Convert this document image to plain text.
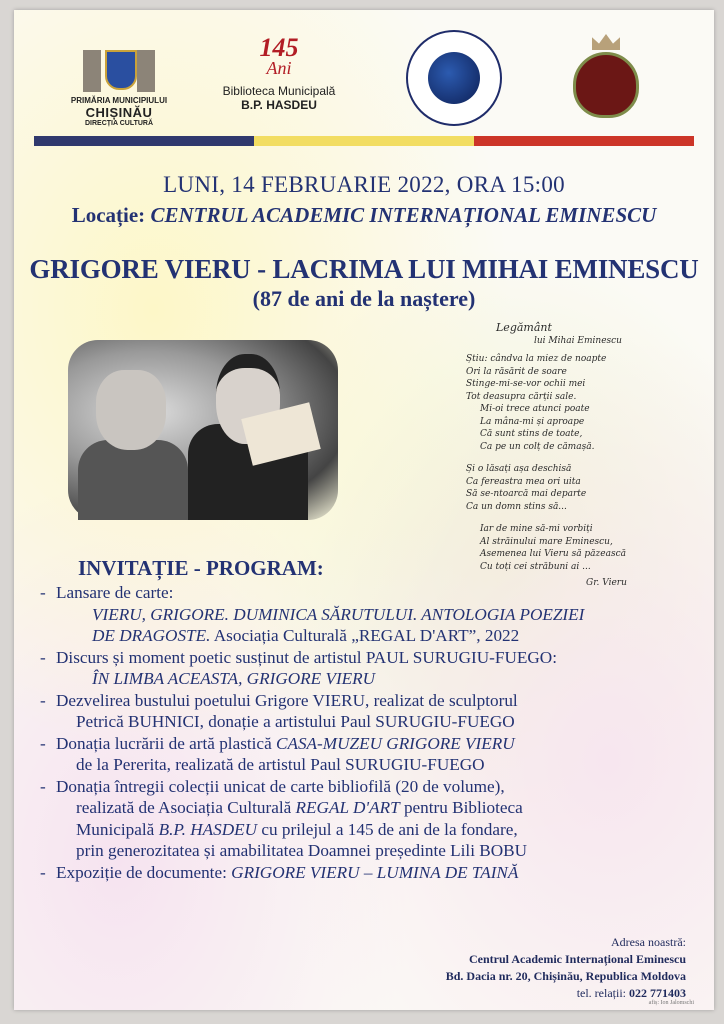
PRIMĂRIA MUNICIPIULUI
CHIȘINĂU
DIRECȚIA CULTURĂ
145
Ani
Biblioteca Municipală
B.P. HASDEU
LUNI, 14 FEBRUARIE 2022, ORA 15:00
Locație: CENTRUL ACADEMIC INTERNAȚIONAL EMINESCU
GRIGORE VIERU - LACRIMA LUI MIHAI EMINESCU
(87 de ani de la naștere)
Legământ
lui Mihai Eminescu
Știu: cândva la miez de noapte
Ori la răsărit de soare
Stinge-mi-se-vor ochii mei
Tot deasupra cărții sale.
Mi-oi trece atunci poate
La mâna-mi și aproape
Că sunt stins de toate,
Ca pe un colț de cămașă.
Și o lăsați așa deschisă
Ca fereastra mea ori uita
Să se-ntoarcă mai departe
Ca un domn stins să...
Iar de mine să-mi vorbiți
Al străinului mare Eminescu,
Asemenea lui Vieru să păzească
Cu toți cei străbuni ai ...
Gr. Vieru
INVITAȚIE - PROGRAM:
- Lansare de carte:
VIERU, GRIGORE. DUMINICA SĂRUTULUI. ANTOLOGIA POEZIEI
DE DRAGOSTE. Asociația Culturală „REGAL D'ART”, 2022
- Discurs și moment poetic susținut de artistul PAUL SURUGIU-FUEGO:
ÎN LIMBA ACEASTA, GRIGORE VIERU
- Dezvelirea bustului poetului Grigore VIERU, realizat de sculptorul
Petrică BUHNICI, donație a artistului Paul SURUGIU-FUEGO
- Donația lucrării de artă plastică CASA-MUZEU GRIGORE VIERU
de la Pererita, realizată de artistul Paul SURUGIU-FUEGO
- Donația întregii colecții unicat de carte bibliofilă (20 de volume),
realizată de Asociația Culturală REGAL D'ART pentru Biblioteca
Municipală B.P. HASDEU cu prilejul a 145 de ani de la fondare,
prin generozitatea și amabilitatea Doamnei președinte Lili BOBU
- Expoziție de documente: GRIGORE VIERU – LUMINA DE TAINĂ
Adresa noastră:
Centrul Academic Internațional Eminescu
Bd. Dacia nr. 20, Chișinău, Republica Moldova
tel. relații: 022 771403
afiș: Ion Jalomschi
